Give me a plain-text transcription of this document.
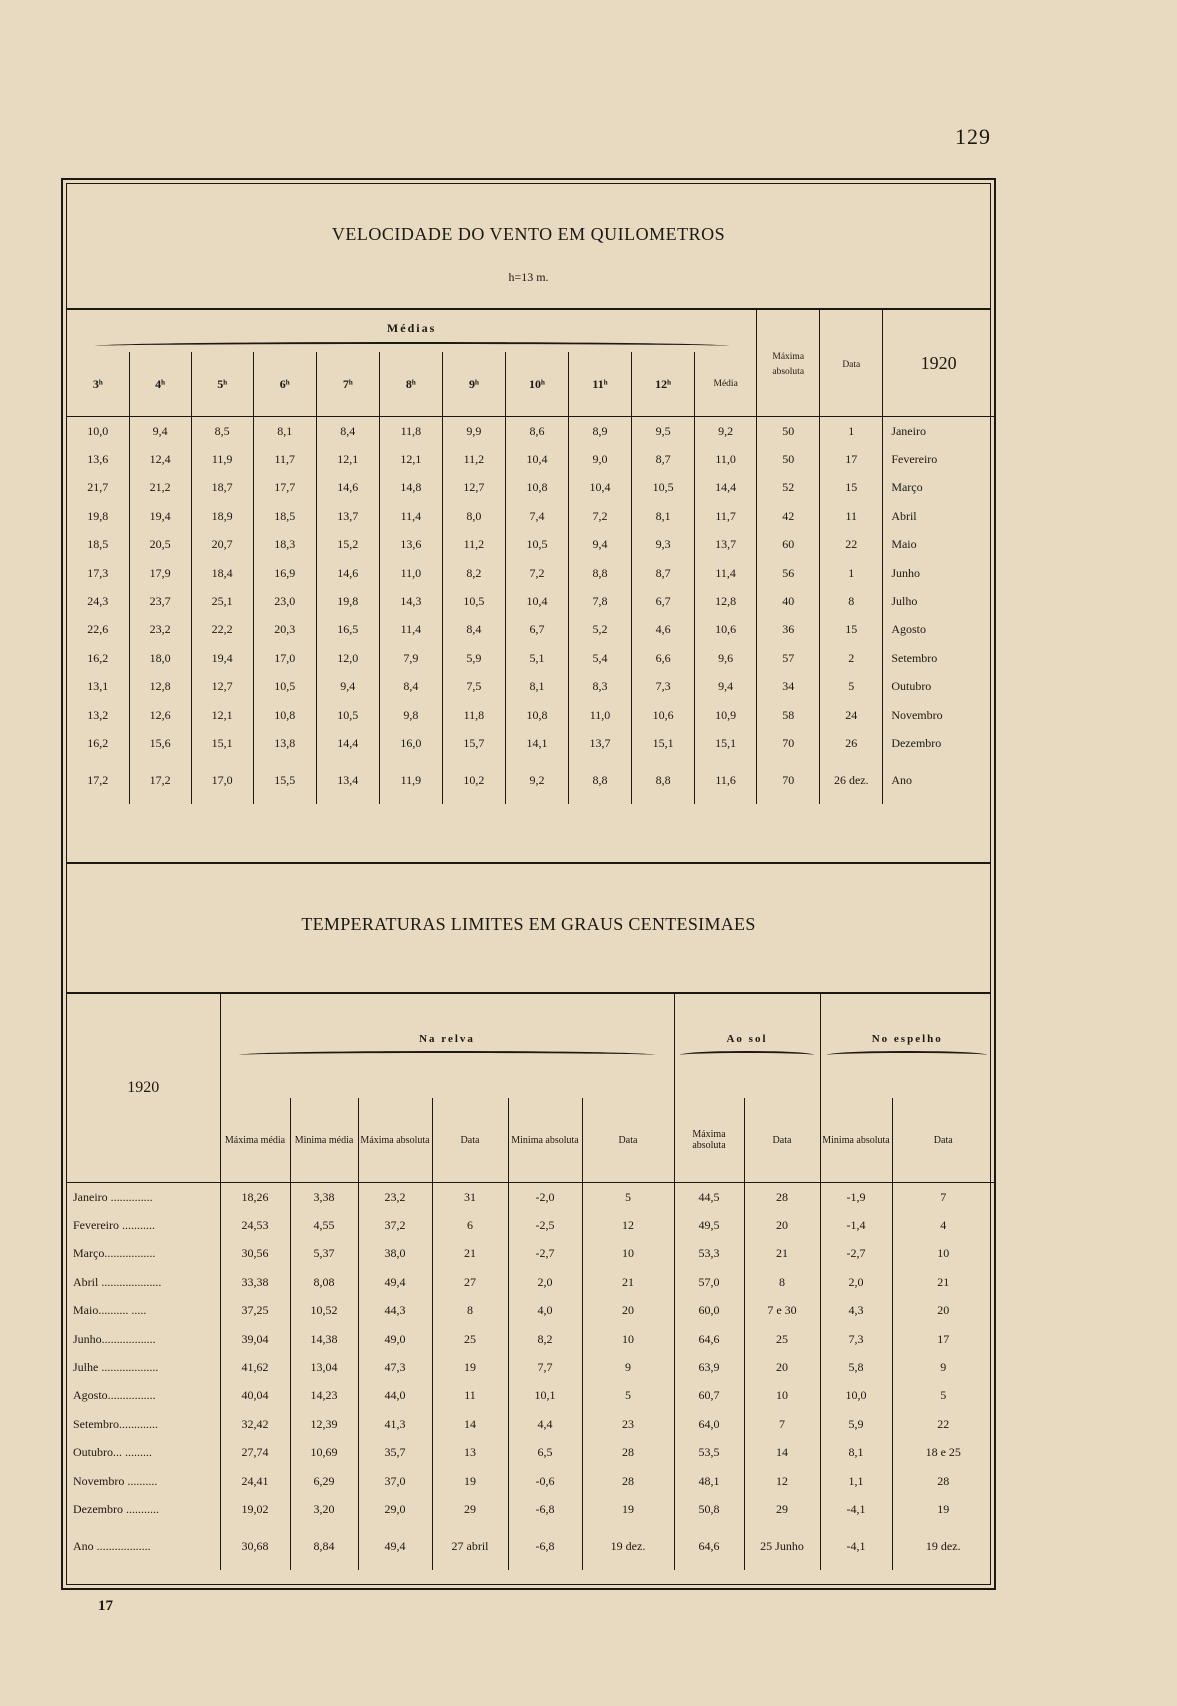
129
VELOCIDADE DO VENTO EM QUILOMETROS
h=13 m.
Médias											Máxima absoluta	Data	1920
3ʰ	4ʰ	5ʰ	6ʰ	7ʰ	8ʰ	9ʰ	10ʰ	11ʰ	12ʰ	Média			
10,0	9,4	8,5	8,1	8,4	11,8	9,9	8,6	8,9	9,5	9,2	50	1	Janeiro
13,6	12,4	11,9	11,7	12,1	12,1	11,2	10,4	9,0	8,7	11,0	50	17	Fevereiro
21,7	21,2	18,7	17,7	14,6	14,8	12,7	10,8	10,4	10,5	14,4	52	15	Março
19,8	19,4	18,9	18,5	13,7	11,4	8,0	7,4	7,2	8,1	11,7	42	11	Abril
18,5	20,5	20,7	18,3	15,2	13,6	11,2	10,5	9,4	9,3	13,7	60	22	Maio
17,3	17,9	18,4	16,9	14,6	11,0	8,2	7,2	8,8	8,7	11,4	56	1	Junho
24,3	23,7	25,1	23,0	19,8	14,3	10,5	10,4	7,8	6,7	12,8	40	8	Julho
22,6	23,2	22,2	20,3	16,5	11,4	8,4	6,7	5,2	4,6	10,6	36	15	Agosto
16,2	18,0	19,4	17,0	12,0	7,9	5,9	5,1	5,4	6,6	9,6	57	2	Setembro
13,1	12,8	12,7	10,5	9,4	8,4	7,5	8,1	8,3	7,3	9,4	34	5	Outubro
13,2	12,6	12,1	10,8	10,5	9,8	11,8	10,8	11,0	10,6	10,9	58	24	Novembro
16,2	15,6	15,1	13,8	14,4	16,0	15,7	14,1	13,7	15,1	15,1	70	26	Dezembro
17,2	17,2	17,0	15,5	13,4	11,9	10,2	9,2	8,8	8,8	11,6	70	26 dez.	Ano
TEMPERATURAS LIMITES EM GRAUS CENTESIMAES
1920	Na relva						Ao sol		No espelho	

	Máxima média	Minima média	Máxima absoluta	Data	Minima absoluta	Data	Máxima absoluta	Data	Minima absoluta	Data
Janeiro ..............	18,26	3,38	23,2	31	-2,0	5	44,5	28	-1,9	7
Fevereiro ...........	24,53	4,55	37,2	6	-2,5	12	49,5	20	-1,4	4
Março.................	30,56	5,37	38,0	21	-2,7	10	53,3	21	-2,7	10
Abril ....................	33,38	8,08	49,4	27	2,0	21	57,0	8	2,0	21
Maio.......... .....	37,25	10,52	44,3	8	4,0	20	60,0	7 e 30	4,3	20
Junho..................	39,04	14,38	49,0	25	8,2	10	64,6	25	7,3	17
Julhe ...................	41,62	13,04	47,3	19	7,7	9	63,9	20	5,8	9
Agosto................	40,04	14,23	44,0	11	10,1	5	60,7	10	10,0	5
Setembro.............	32,42	12,39	41,3	14	4,4	23	64,0	7	5,9	22
Outubro... .........	27,74	10,69	35,7	13	6,5	28	53,5	14	8,1	18 e 25
Novembro ..........	24,41	6,29	37,0	19	-0,6	28	48,1	12	1,1	28
Dezembro ...........	19,02	3,20	29,0	29	-6,8	19	50,8	29	-4,1	19
Ano ..................	30,68	8,84	49,4	27 abril	-6,8	19 dez.	64,6	25 Junho	-4,1	19 dez.
17
